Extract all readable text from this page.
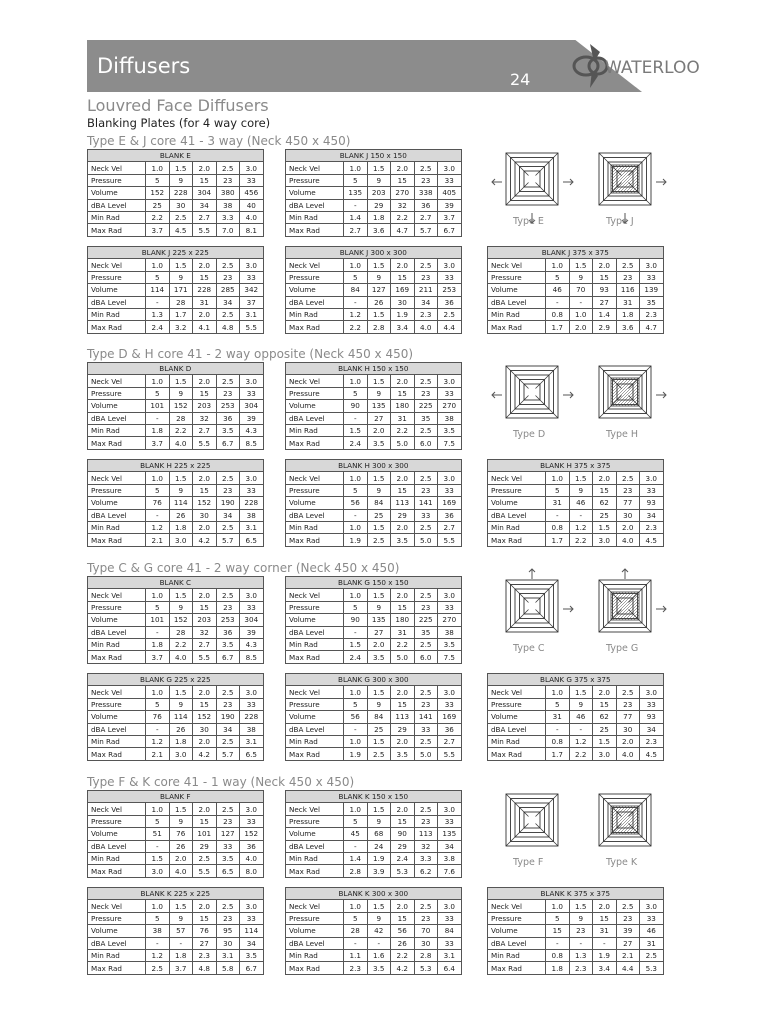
Diffusers
24
WATERLOO
Louvred Face Diffusers
Blanking Plates (for 4 way core)
Type E & J core 41 - 3 way (Neck 450 x 450)
BLANK E					
Neck Vel	1.0	1.5	2.0	2.5	3.0
Pressure	5	9	15	23	33
Volume	152	228	304	380	456
dBA Level	25	30	34	38	40
Min Rad	2.2	2.5	2.7	3.3	4.0
Max Rad	3.7	4.5	5.5	7.0	8.1
BLANK J 150 x 150					
Neck Vel	1.0	1.5	2.0	2.5	3.0
Pressure	5	9	15	23	33
Volume	135	203	270	338	405
dBA Level	-	29	32	36	39
Min Rad	1.4	1.8	2.2	2.7	3.7
Max Rad	2.7	3.6	4.7	5.7	6.7
BLANK J 225 x 225					
Neck Vel	1.0	1.5	2.0	2.5	3.0
Pressure	5	9	15	23	33
Volume	114	171	228	285	342
dBA Level	-	28	31	34	37
Min Rad	1.3	1.7	2.0	2.5	3.1
Max Rad	2.4	3.2	4.1	4.8	5.5
BLANK J 300 x 300					
Neck Vel	1.0	1.5	2.0	2.5	3.0
Pressure	5	9	15	23	33
Volume	84	127	169	211	253
dBA Level	-	26	30	34	36
Min Rad	1.2	1.5	1.9	2.3	2.5
Max Rad	2.2	2.8	3.4	4.0	4.4
BLANK J 375 x 375					
Neck Vel	1.0	1.5	2.0	2.5	3.0
Pressure	5	9	15	23	33
Volume	46	70	93	116	139
dBA Level	-	-	27	31	35
Min Rad	0.8	1.0	1.4	1.8	2.3
Max Rad	1.7	2.0	2.9	3.6	4.7
Type E	Type J
Type D & H core 41 - 2 way opposite (Neck 450 x 450)
BLANK D					
Neck Vel	1.0	1.5	2.0	2.5	3.0
Pressure	5	9	15	23	33
Volume	101	152	203	253	304
dBA Level	-	28	32	36	39
Min Rad	1.8	2.2	2.7	3.5	4.3
Max Rad	3.7	4.0	5.5	6.7	8.5
BLANK H 150 x 150					
Neck Vel	1.0	1.5	2.0	2.5	3.0
Pressure	5	9	15	23	33
Volume	90	135	180	225	270
dBA Level	-	27	31	35	38
Min Rad	1.5	2.0	2.2	2.5	3.5
Max Rad	2.4	3.5	5.0	6.0	7.5
BLANK H 225 x 225					
Neck Vel	1.0	1.5	2.0	2.5	3.0
Pressure	5	9	15	23	33
Volume	76	114	152	190	228
dBA Level	-	26	30	34	38
Min Rad	1.2	1.8	2.0	2.5	3.1
Max Rad	2.1	3.0	4.2	5.7	6.5
BLANK H 300 x 300					
Neck Vel	1.0	1.5	2.0	2.5	3.0
Pressure	5	9	15	23	33
Volume	56	84	113	141	169
dBA Level	-	25	29	33	36
Min Rad	1.0	1.5	2.0	2.5	2.7
Max Rad	1.9	2.5	3.5	5.0	5.5
BLANK H 375 x 375					
Neck Vel	1.0	1.5	2.0	2.5	3.0
Pressure	5	9	15	23	33
Volume	31	46	62	77	93
dBA Level	-	-	25	30	34
Min Rad	0.8	1.2	1.5	2.0	2.3
Max Rad	1.7	2.2	3.0	4.0	4.5
Type D	Type H
Type C & G core 41 - 2 way corner (Neck 450 x 450)
BLANK C					
Neck Vel	1.0	1.5	2.0	2.5	3.0
Pressure	5	9	15	23	33
Volume	101	152	203	253	304
dBA Level	-	28	32	36	39
Min Rad	1.8	2.2	2.7	3.5	4.3
Max Rad	3.7	4.0	5.5	6.7	8.5
BLANK G 150 x 150					
Neck Vel	1.0	1.5	2.0	2.5	3.0
Pressure	5	9	15	23	33
Volume	90	135	180	225	270
dBA Level	-	27	31	35	38
Min Rad	1.5	2.0	2.2	2.5	3.5
Max Rad	2.4	3.5	5.0	6.0	7.5
BLANK G 225 x 225					
Neck Vel	1.0	1.5	2.0	2.5	3.0
Pressure	5	9	15	23	33
Volume	76	114	152	190	228
dBA Level	-	26	30	34	38
Min Rad	1.2	1.8	2.0	2.5	3.1
Max Rad	2.1	3.0	4.2	5.7	6.5
BLANK G 300 x 300					
Neck Vel	1.0	1.5	2.0	2.5	3.0
Pressure	5	9	15	23	33
Volume	56	84	113	141	169
dBA Level	-	25	29	33	36
Min Rad	1.0	1.5	2.0	2.5	2.7
Max Rad	1.9	2.5	3.5	5.0	5.5
BLANK G 375 x 375					
Neck Vel	1.0	1.5	2.0	2.5	3.0
Pressure	5	9	15	23	33
Volume	31	46	62	77	93
dBA Level	-	-	25	30	34
Min Rad	0.8	1.2	1.5	2.0	2.3
Max Rad	1.7	2.2	3.0	4.0	4.5
Type C	Type G
Type F & K core 41 - 1 way (Neck 450 x 450)
BLANK F					
Neck Vel	1.0	1.5	2.0	2.5	3.0
Pressure	5	9	15	23	33
Volume	51	76	101	127	152
dBA Level	-	26	29	33	36
Min Rad	1.5	2.0	2.5	3.5	4.0
Max Rad	3.0	4.0	5.5	6.5	8.0
BLANK K 150 x 150					
Neck Vel	1.0	1.5	2.0	2.5	3.0
Pressure	5	9	15	23	33
Volume	45	68	90	113	135
dBA Level	-	24	29	32	34
Min Rad	1.4	1.9	2.4	3.3	3.8
Max Rad	2.8	3.9	5.3	6.2	7.6
BLANK K 225 x 225					
Neck Vel	1.0	1.5	2.0	2.5	3.0
Pressure	5	9	15	23	33
Volume	38	57	76	95	114
dBA Level	-	-	27	30	34
Min Rad	1.2	1.8	2.3	3.1	3.5
Max Rad	2.5	3.7	4.8	5.8	6.7
BLANK K 300 x 300					
Neck Vel	1.0	1.5	2.0	2.5	3.0
Pressure	5	9	15	23	33
Volume	28	42	56	70	84
dBA Level	-	-	26	30	33
Min Rad	1.1	1.6	2.2	2.8	3.1
Max Rad	2.3	3.5	4.2	5.3	6.4
BLANK K 375 x 375					
Neck Vel	1.0	1.5	2.0	2.5	3.0
Pressure	5	9	15	23	33
Volume	15	23	31	39	46
dBA Level	-	-	-	27	31
Min Rad	0.8	1.3	1.9	2.1	2.5
Max Rad	1.8	2.3	3.4	4.4	5.3
Type F	Type K
